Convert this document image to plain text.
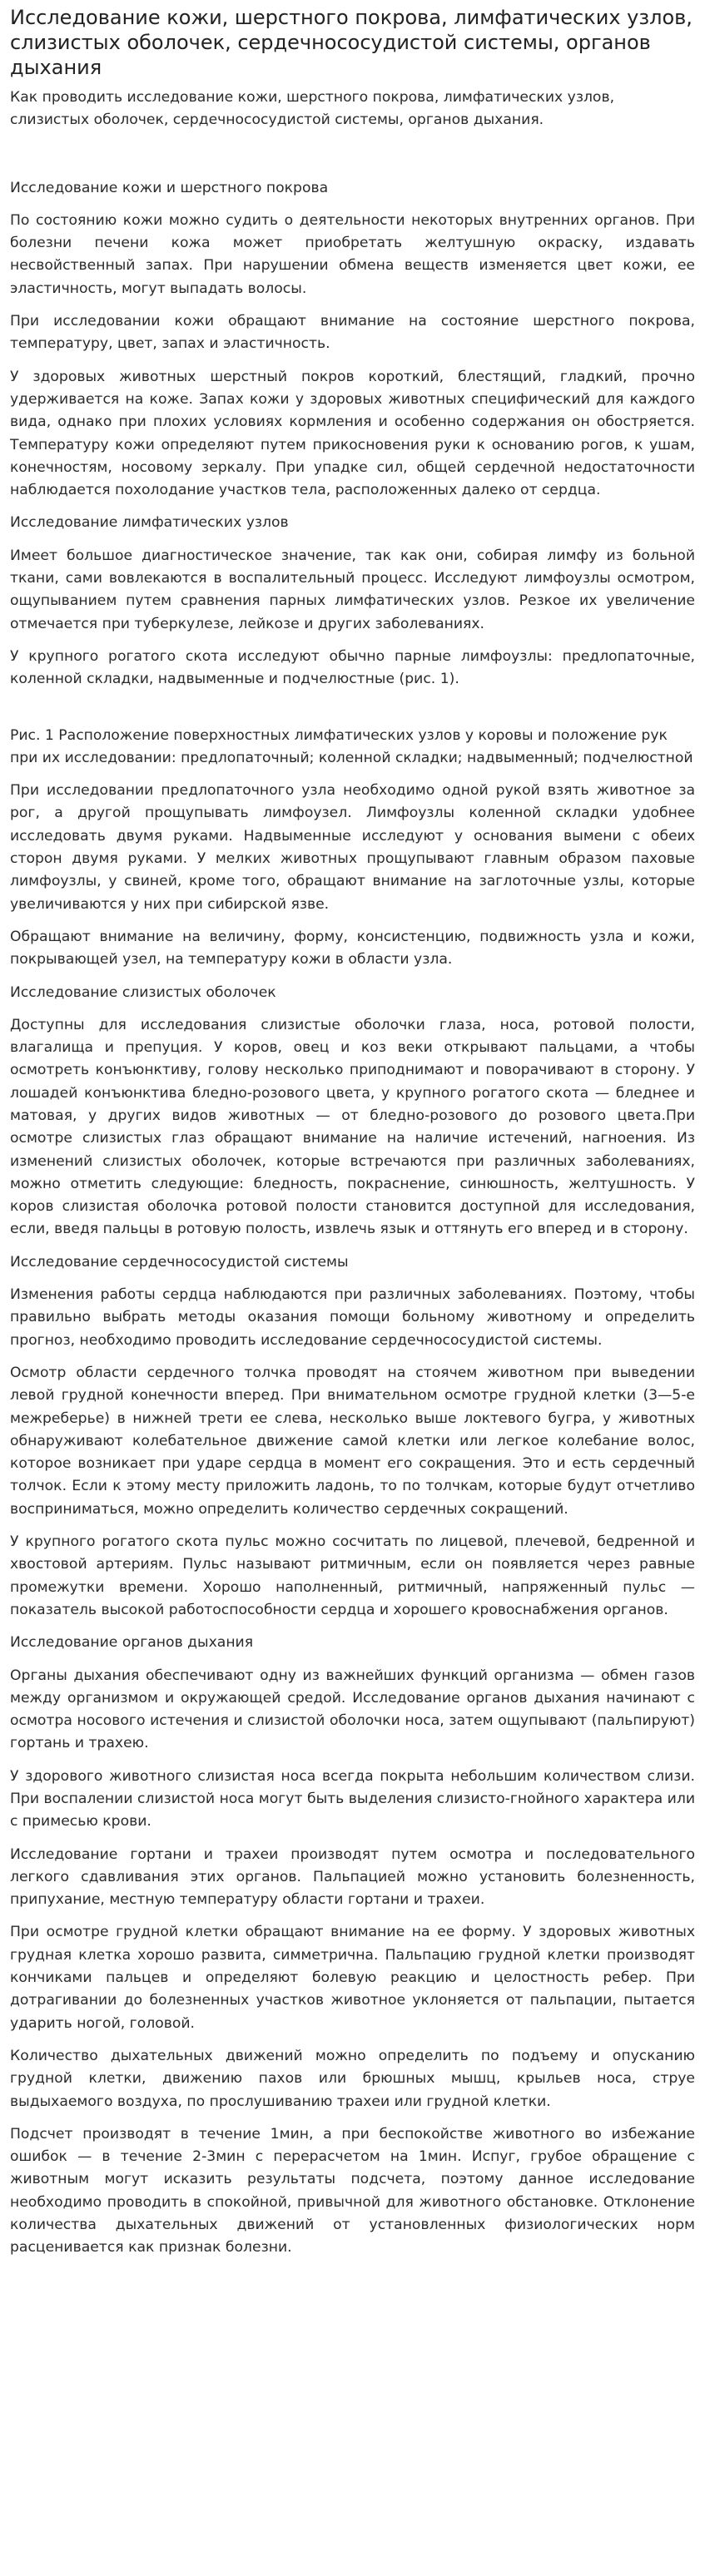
Исследование кожи, шерстного покрова, лимфатических узлов, слизистых оболочек, сердечнососудистой системы, органов дыхания

Как проводить исследование кожи, шерстного покрова, лимфатических узлов, слизистых оболочек, сердечнососудистой системы, органов дыхания.

Исследование кожи и шерстного покрова

По состоянию кожи можно судить о деятельности некоторых внутренних органов. При болезни печени кожа может приобретать желтушную окраску, издавать несвойственный запах. При нарушении обмена веществ изменяется цвет кожи, ее эластичность, могут выпадать волосы.

При исследовании кожи обращают внимание на состояние шерстного покрова, температуру, цвет, запах и эластичность.

У здоровых животных шерстный покров короткий, блестящий, гладкий, прочно удерживается на коже. Запах кожи у здоровых животных специфический для каждого вида, однако при плохих условиях кормления и особенно содержания он обостряется. Температуру кожи определяют путем прикосновения руки к основанию рогов, к ушам, конечностям, носовому зеркалу. При упадке сил, общей сердечной недостаточности наблюдается похолодание участков тела, расположенных далеко от сердца.

Исследование лимфатических узлов

Имеет большое диагностическое значение, так как они, собирая лимфу из больной ткани, сами вовлекаются в воспалительный процесс. Исследуют лимфоузлы осмотром, ощупыванием путем сравнения парных лимфатических узлов. Резкое их увеличение отмечается при туберкулезе, лейкозе и других заболеваниях.

У крупного рогатого скота исследуют обычно парные лимфоузлы: предлопаточные, коленной складки, надвыменные и подчелюстные (рис. 1).

Рис. 1 Расположение поверхностных лимфатических узлов у коровы и положение рук при их исследовании: предлопаточный; коленной складки; надвыменный; подчелюстной

При исследовании предлопаточного узла необходимо одной рукой взять животное за рог, а другой прощупывать лимфоузел. Лимфоузлы коленной складки удобнее исследовать двумя руками. Надвыменные исследуют у основания вымени с обеих сторон двумя руками. У мелких животных прощупывают главным образом паховые лимфоузлы, у свиней, кроме того, обращают внимание на заглоточные узлы, которые увеличиваются у них при сибирской язве.

Обращают внимание на величину, форму, консистенцию, подвижность узла и кожи, покрывающей узел, на температуру кожи в области узла.

Исследование слизистых оболочек

Доступны для исследования слизистые оболочки глаза, носа, ротовой полости, влагалища и препуция. У коров, овец и коз веки открывают пальцами, а чтобы осмотреть конъюнктиву, голову несколько приподнимают и поворачивают в сторону. У лошадей конъюнктива бледно-розового цвета, у крупного рогатого скота — бледнее и матовая, у других видов животных — от бледно-розового до розового цвета.При осмотре слизистых глаз обращают внимание на наличие истечений, нагноения. Из изменений слизистых оболочек, которые встречаются при различных заболеваниях, можно отметить следующие: бледность, покраснение, синюшность, желтушность. У коров слизистая оболочка ротовой полости становится доступной для исследования, если, введя пальцы в ротовую полость, извлечь язык и оттянуть его вперед и в сторону.

Исследование сердечнососудистой системы

Изменения работы сердца наблюдаются при различных заболеваниях. Поэтому, чтобы правильно выбрать методы оказания помощи больному животному и определить прогноз, необходимо проводить исследование сердечнососудистой системы.

Осмотр области сердечного толчка проводят на стоячем животном при выведении левой грудной конечности вперед. При внимательном осмотре грудной клетки (3—5-е межреберье) в нижней трети ее слева, несколько выше локтевого бугра, у животных обнаруживают колебательное движение самой клетки или легкое колебание волос, которое возникает при ударе сердца в момент его сокращения. Это и есть сердечный толчок. Если к этому месту приложить ладонь, то по толчкам, которые будут отчетливо восприниматься, можно определить количество сердечных сокращений.

У крупного рогатого скота пульс можно сосчитать по лицевой, плечевой, бедренной и хвостовой артериям. Пульс называют ритмичным, если он появляется через равные промежутки времени. Хорошо наполненный, ритмичный, напряженный пульс — показатель высокой работоспособности сердца и хорошего кровоснабжения органов.

Исследование органов дыхания

Органы дыхания обеспечивают одну из важнейших функций организма — обмен газов между организмом и окружающей средой. Исследование органов дыхания начинают с осмотра носового истечения и слизистой оболочки носа, затем ощупывают (пальпируют) гортань и трахею.

У здорового животного слизистая носа всегда покрыта небольшим количеством слизи. При воспалении слизистой носа могут быть выделения слизисто-гнойного характера или с примесью крови.

Исследование гортани и трахеи производят путем осмотра и последовательного легкого сдавливания этих органов. Пальпацией можно установить болезненность, припухание, местную температуру области гортани и трахеи.

При осмотре грудной клетки обращают внимание на ее форму. У здоровых животных грудная клетка хорошо развита, симметрична. Пальпацию грудной клетки производят кончиками пальцев и определяют болевую реакцию и целостность ребер. При дотрагивании до болезненных участков животное уклоняется от пальпации, пытается ударить ногой, головой.

Количество дыхательных движений можно определить по подъему и опусканию грудной клетки, движению пахов или брюшных мышц, крыльев носа, струе выдыхаемого воздуха, по прослушиванию трахеи или грудной клетки.

Подсчет производят в течение 1мин, а при беспокойстве животного во избежание ошибок — в течение 2-3мин с перерасчетом на 1мин. Испуг, грубое обращение с животным могут исказить результаты подсчета, поэтому данное исследование необходимо проводить в спокойной, привычной для животного обстановке. Отклонение количества дыхательных движений от установленных физиологических норм расценивается как признак болезни.
